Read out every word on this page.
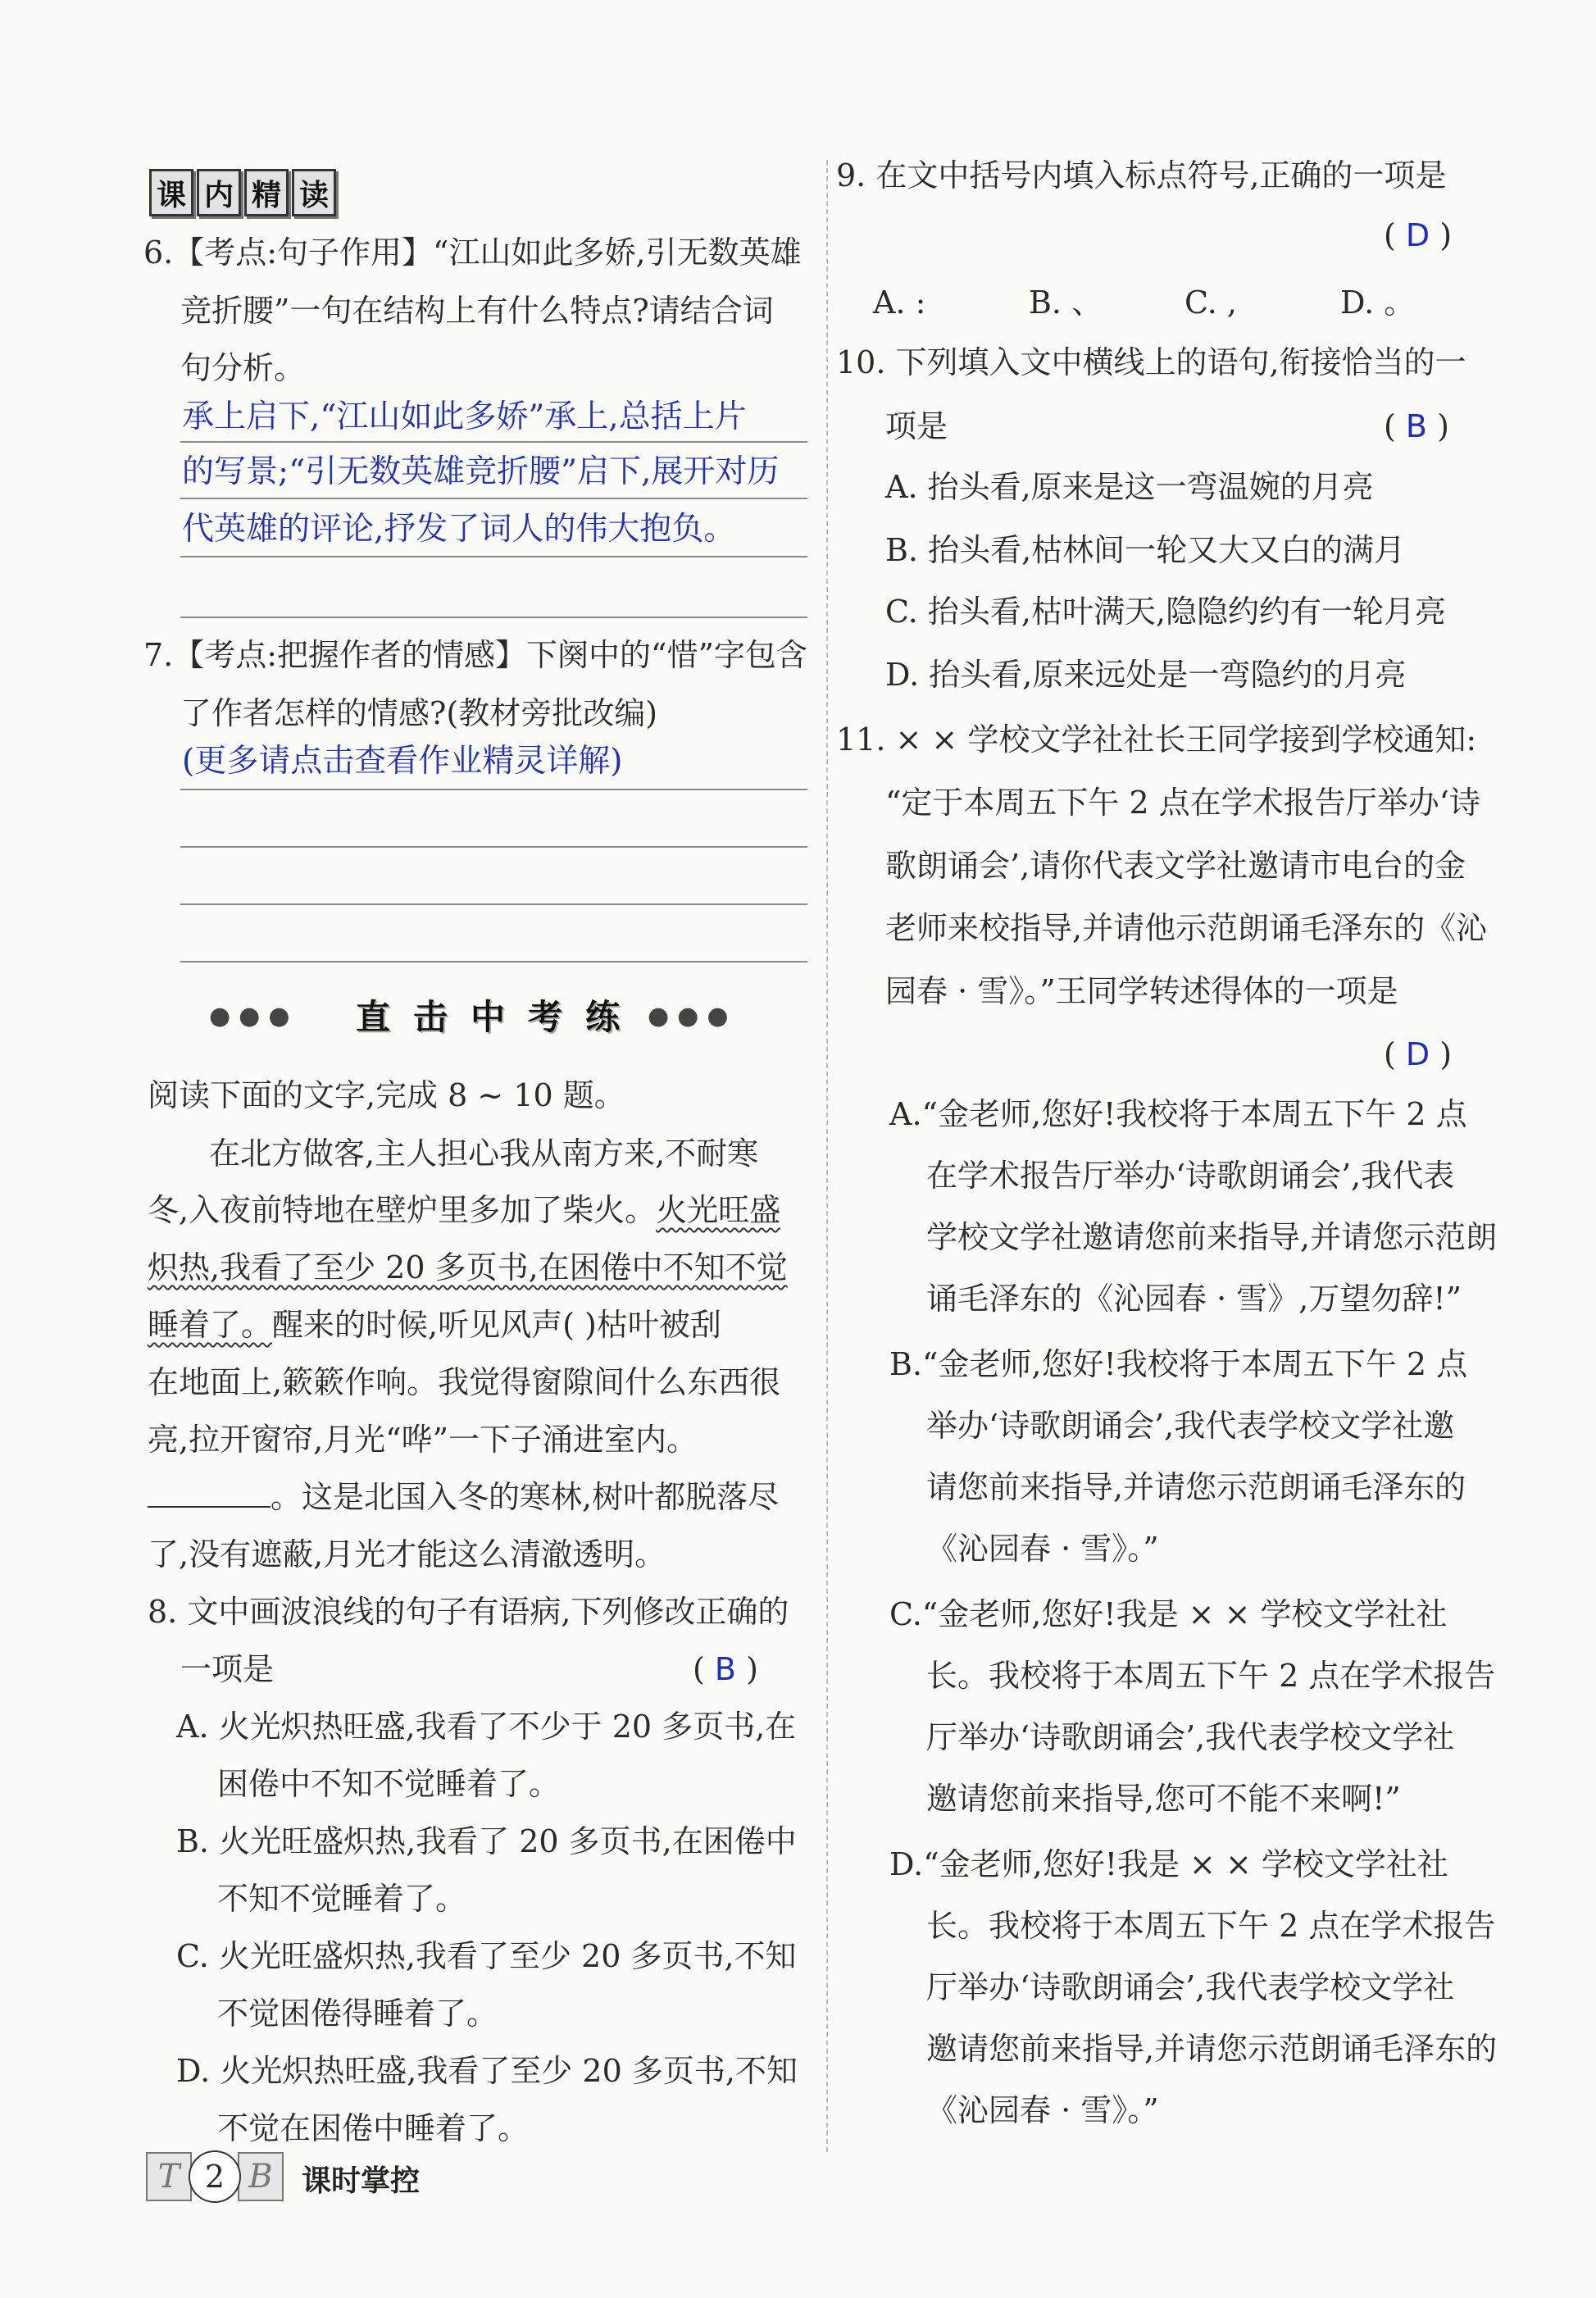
课 内 精 读
6.【考点:句子作用】“江山如此多娇,引无数英雄
竞折腰”一句在结构上有什么特点?请结合词
句分析。
承上启下,“江山如此多娇”承上,总括上片
的写景;“引无数英雄竞折腰”启下,展开对历
代英雄的评论,抒发了词人的伟大抱负。
7.【考点:把握作者的情感】下阕中的“惜”字包含
了作者怎样的情感?(教材旁批改编)
(更多请点击查看作业精灵详解)
●●● 直 击 中 考 练 ●●●
阅读下面的文字,完成 8 ~ 10 题。
在北方做客,主人担心我从南方来,不耐寒
冬,入夜前特地在壁炉里多加了柴火。火光旺盛
炽热,我看了至少 20 多页书,在困倦中不知不觉
睡着了。醒来的时候,听见风声( )枯叶被刮
在地面上,簌簌作响。我觉得窗隙间什么东西很
亮,拉开窗帘,月光“哗”一下子涌进室内。
。这是北国入冬的寒林,树叶都脱落尽
了,没有遮蔽,月光才能这么清澈透明。
8. 文中画波浪线的句子有语病,下列修改正确的
一项是	( B )
A. 火光炽热旺盛,我看了不少于 20 多页书,在
困倦中不知不觉睡着了。
B. 火光旺盛炽热,我看了 20 多页书,在困倦中
不知不觉睡着了。
C. 火光旺盛炽热,我看了至少 20 多页书,不知
不觉困倦得睡着了。
D. 火光炽热旺盛,我看了至少 20 多页书,不知
不觉在困倦中睡着了。
9. 在文中括号内填入标点符号,正确的一项是
( D )
A. :	B. 、	C. ,	D. 。
10. 下列填入文中横线上的语句,衔接恰当的一
项是	( B )
A. 抬头看,原来是这一弯温婉的月亮
B. 抬头看,枯林间一轮又大又白的满月
C. 抬头看,枯叶满天,隐隐约约有一轮月亮
D. 抬头看,原来远处是一弯隐约的月亮
11. × × 学校文学社社长王同学接到学校通知:
“定于本周五下午 2 点在学术报告厅举办‘诗
歌朗诵会’,请你代表文学社邀请市电台的金
老师来校指导,并请他示范朗诵毛泽东的《沁
园春 · 雪》。”王同学转述得体的一项是
( D )
A.“金老师,您好!我校将于本周五下午 2 点
在学术报告厅举办‘诗歌朗诵会’,我代表
学校文学社邀请您前来指导,并请您示范朗
诵毛泽东的《沁园春 · 雪》,万望勿辞!”
B.“金老师,您好!我校将于本周五下午 2 点
举办‘诗歌朗诵会’,我代表学校文学社邀
请您前来指导,并请您示范朗诵毛泽东的
《沁园春 · 雪》。”
C.“金老师,您好!我是 × × 学校文学社社
长。我校将于本周五下午 2 点在学术报告
厅举办‘诗歌朗诵会’,我代表学校文学社
邀请您前来指导,您可不能不来啊!”
D.“金老师,您好!我是 × × 学校文学社社
长。我校将于本周五下午 2 点在学术报告
厅举办‘诗歌朗诵会’,我代表学校文学社
邀请您前来指导,并请您示范朗诵毛泽东的
《沁园春 · 雪》。”
T 2 B 课时掌控
